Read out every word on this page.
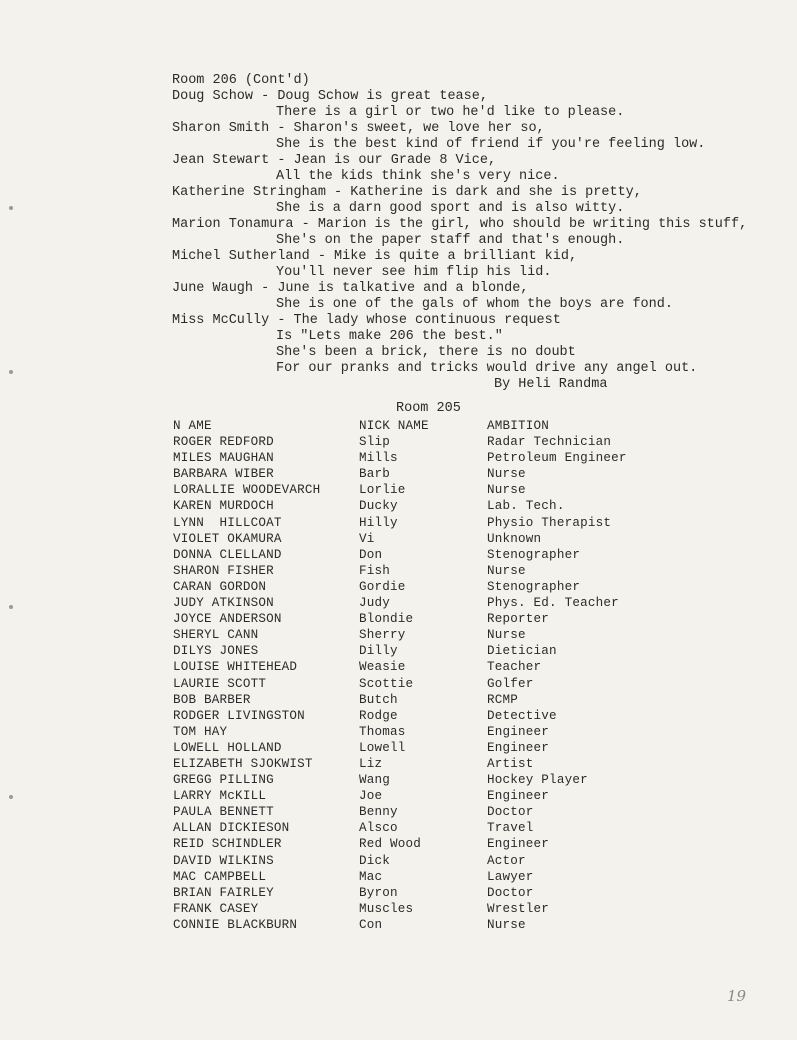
Room 206 (Cont'd)
Doug Schow - Doug Schow is great tease,
There is a girl or two he'd like to please.
Sharon Smith - Sharon's sweet, we love her so,
She is the best kind of friend if you're feeling low.
Jean Stewart - Jean is our Grade 8 Vice,
All the kids think she's very nice.
Katherine Stringham - Katherine is dark and she is pretty,
She is a darn good sport and is also witty.
Marion Tonamura - Marion is the girl, who should be writing this stuff,
She's on the paper staff and that's enough.
Michel Sutherland - Mike is quite a brilliant kid,
You'll never see him flip his lid.
June Waugh - June is talkative and a blonde,
She is one of the gals of whom the boys are fond.
Miss McCully - The lady whose continuous request
Is "Lets make 206 the best."
She's been a brick, there is no doubt
For our pranks and tricks would drive any angel out.
By Heli Randma
Room 205
N AME	NICK NAME	AMBITION
ROGER REDFORD	Slip	Radar Technician
MILES MAUGHAN	Mills	Petroleum Engineer
BARBARA WIBER	Barb	Nurse
LORALLIE WOODEVARCH	Lorlie	Nurse
KAREN MURDOCH	Ducky	Lab. Tech.
LYNN  HILLCOAT	Hilly	Physio Therapist
VIOLET OKAMURA	Vi	Unknown
DONNA CLELLAND	Don	Stenographer
SHARON FISHER	Fish	Nurse
CARAN GORDON	Gordie	Stenographer
JUDY ATKINSON	Judy	Phys. Ed. Teacher
JOYCE ANDERSON	Blondie	Reporter
SHERYL CANN	Sherry	Nurse
DILYS JONES	Dilly	Dietician
LOUISE WHITEHEAD	Weasie	Teacher
LAURIE SCOTT	Scottie	Golfer
BOB BARBER	Butch	RCMP
RODGER LIVINGSTON	Rodge	Detective
TOM HAY	Thomas	Engineer
LOWELL HOLLAND	Lowell	Engineer
ELIZABETH SJOKWIST	Liz	Artist
GREGG PILLING	Wang	Hockey Player
LARRY McKILL	Joe	Engineer
PAULA BENNETT	Benny	Doctor
ALLAN DICKIESON	Alsco	Travel
REID SCHINDLER	Red Wood	Engineer
DAVID WILKINS	Dick	Actor
MAC CAMPBELL	Mac	Lawyer
BRIAN FAIRLEY	Byron	Doctor
FRANK CASEY	Muscles	Wrestler
CONNIE BLACKBURN	Con	Nurse
19
